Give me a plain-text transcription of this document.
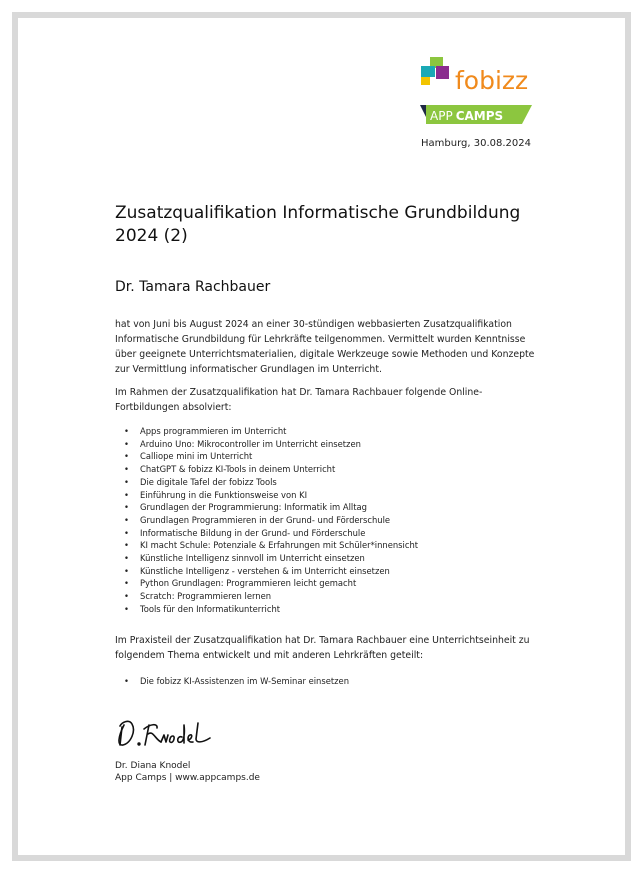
fobizz
APP CAMPS
Hamburg, 30.08.2024
Zusatzqualifikation Informatische Grundbildung 2024 (2)
Dr. Tamara Rachbauer

hat von Juni bis August 2024 an einer 30-stündigen webbasierten Zusatzqualifikation Informatische Grundbildung für Lehrkräfte teilgenommen. Vermittelt wurden Kenntnisse über geeignete Unterrichtsmaterialien, digitale Werkzeuge sowie Methoden und Konzepte zur Vermittlung informatischer Grundlagen im Unterricht.

Im Rahmen der Zusatzqualifikation hat Dr. Tamara Rachbauer folgende Online-Fortbildungen absolviert:

• Apps programmieren im Unterricht
• Arduino Uno: Mikrocontroller im Unterricht einsetzen
• Calliope mini im Unterricht
• ChatGPT & fobizz KI-Tools in deinem Unterricht
• Die digitale Tafel der fobizz Tools
• Einführung in die Funktionsweise von KI
• Grundlagen der Programmierung: Informatik im Alltag
• Grundlagen Programmieren in der Grund- und Förderschule
• Informatische Bildung in der Grund- und Förderschule
• KI macht Schule: Potenziale & Erfahrungen mit Schüler*innensicht
• Künstliche Intelligenz sinnvoll im Unterricht einsetzen
• Künstliche Intelligenz - verstehen & im Unterricht einsetzen
• Python Grundlagen: Programmieren leicht gemacht
• Scratch: Programmieren lernen
• Tools für den Informatikunterricht

Im Praxisteil der Zusatzqualifikation hat Dr. Tamara Rachbauer eine Unterrichtseinheit zu folgendem Thema entwickelt und mit anderen Lehrkräften geteilt:

• Die fobizz KI-Assistenzen im W-Seminar einsetzen
Dr. Diana Knodel
App Camps | www.appcamps.de
